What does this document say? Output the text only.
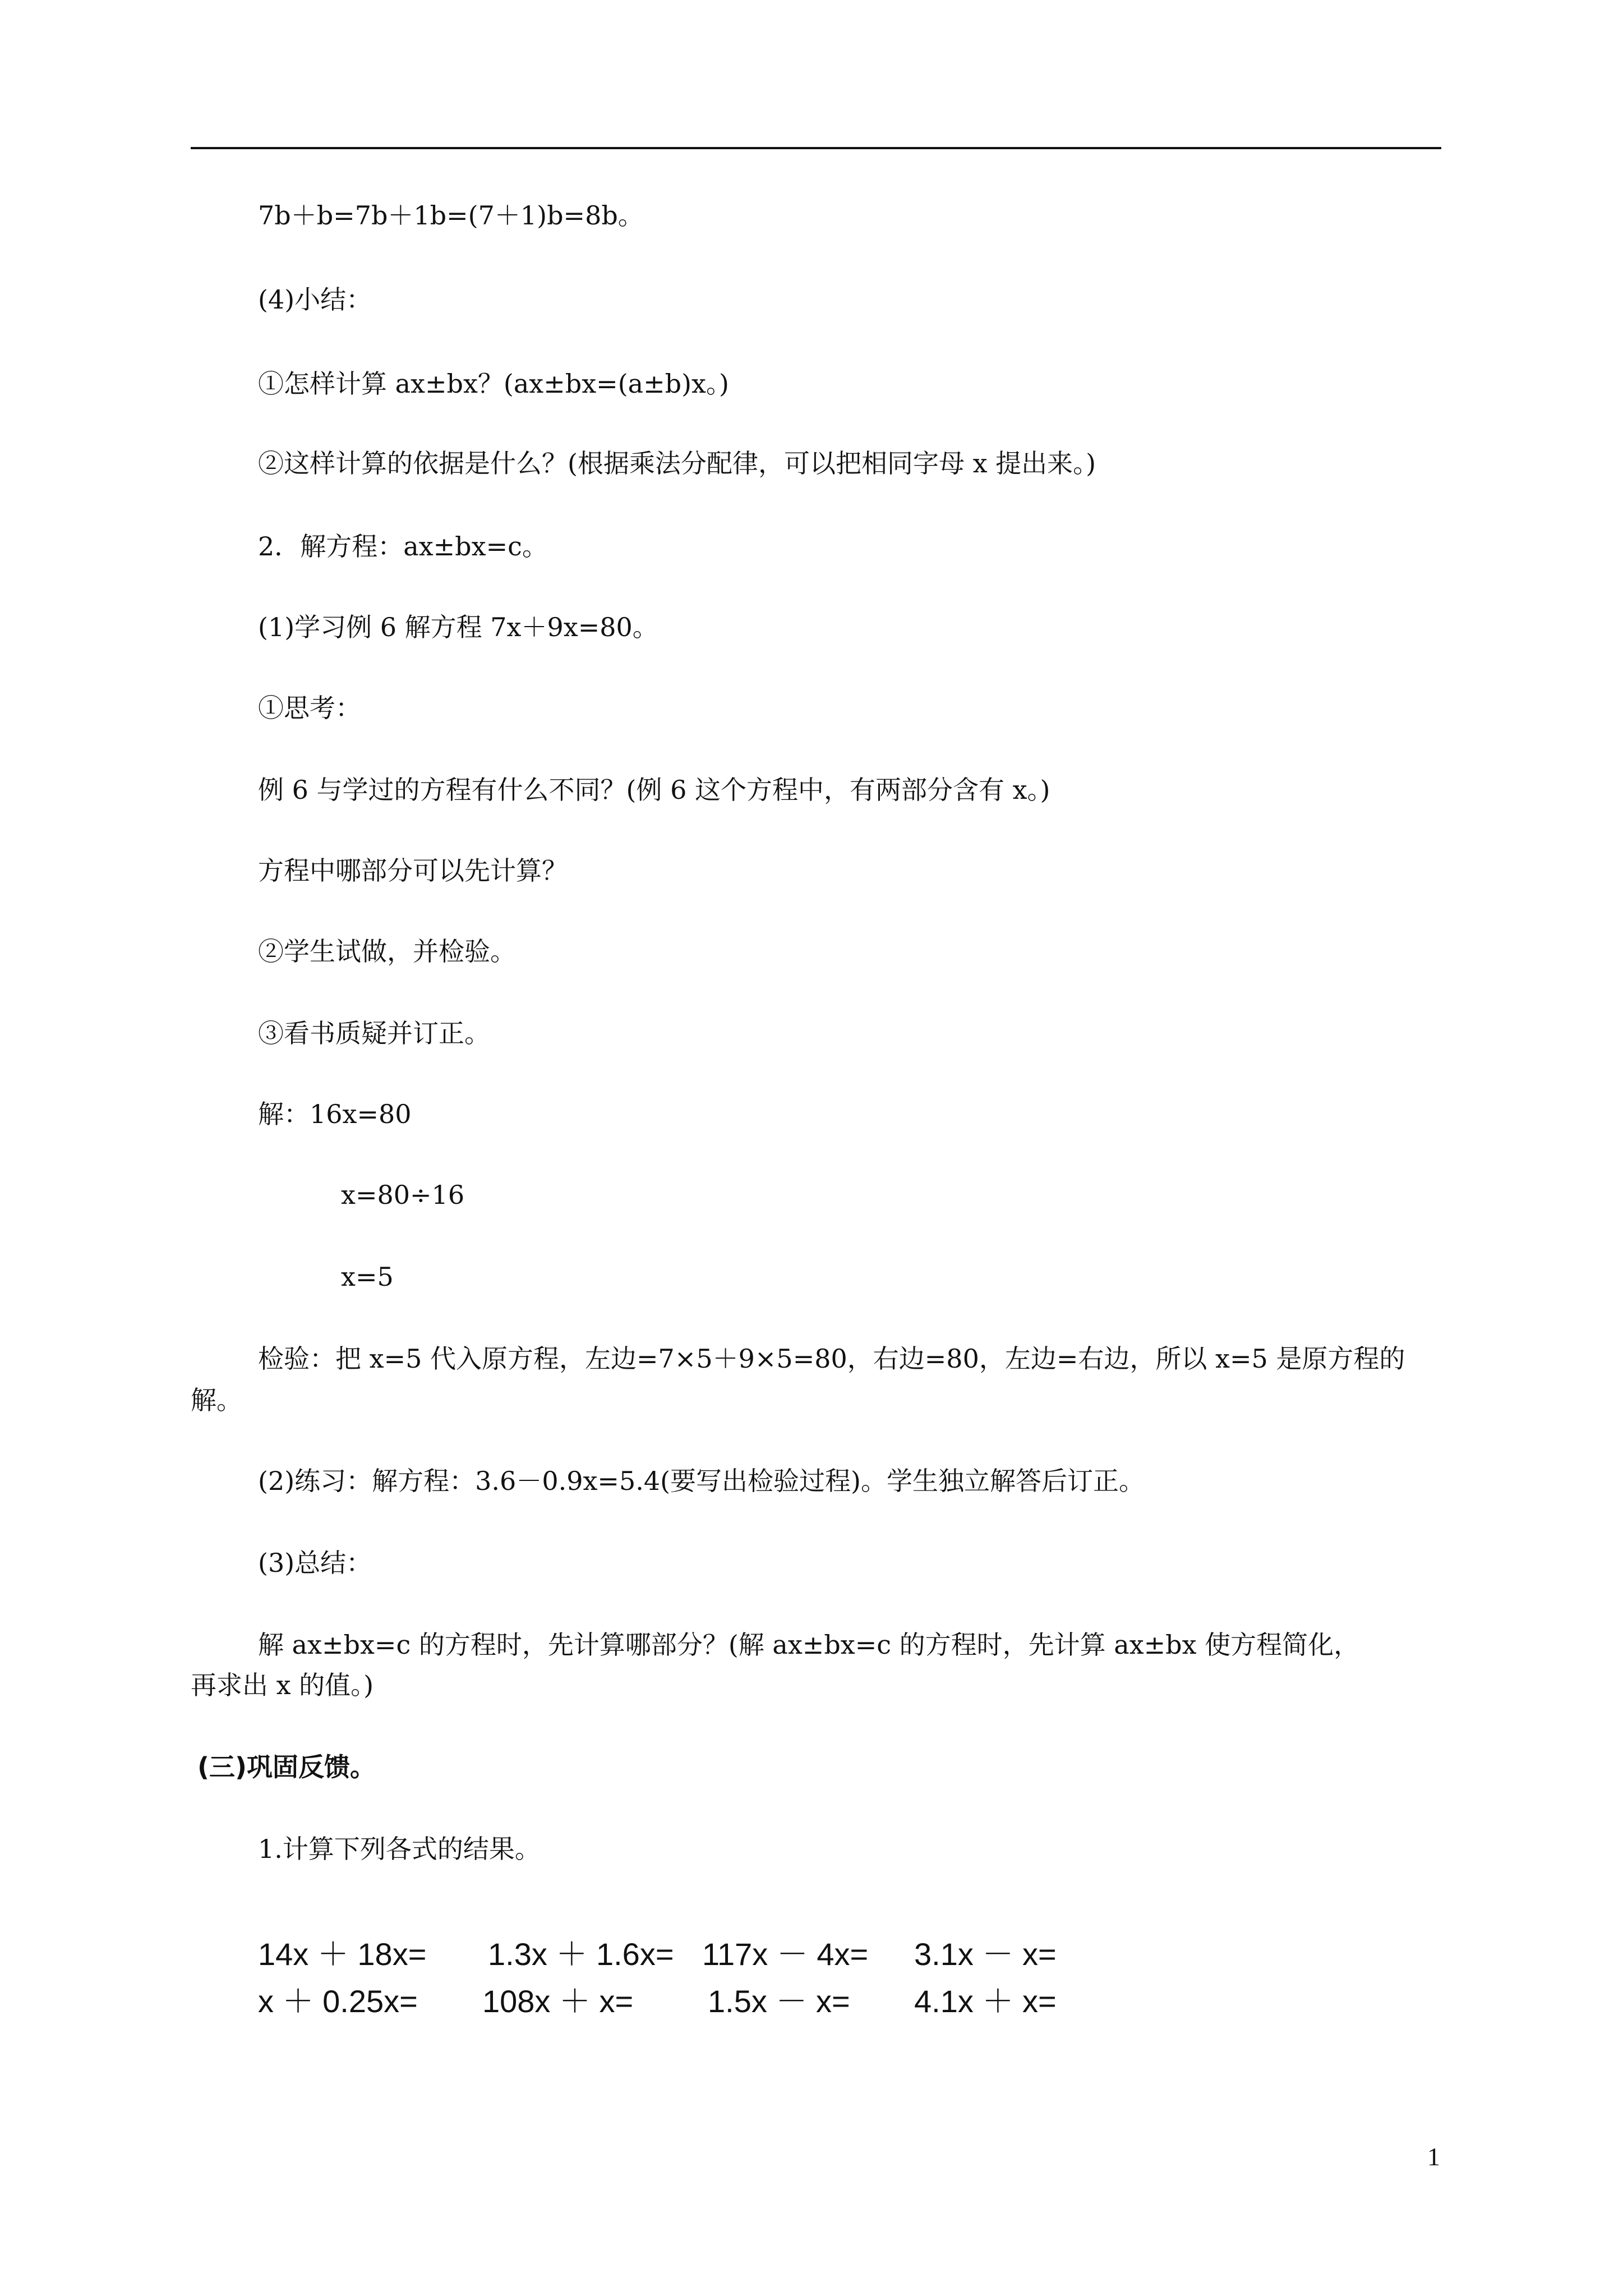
7b＋b=7b＋1b=(7＋1)b=8b。
(4)小结：
①怎样计算 ax±bx？(ax±bx=(a±b)x。)
②这样计算的依据是什么？(根据乘法分配律，可以把相同字母 x 提出来。)
2．解方程：ax±bx=c。
(1)学习例 6 解方程 7x＋9x=80。
①思考：
例 6 与学过的方程有什么不同？(例 6 这个方程中，有两部分含有 x。)
方程中哪部分可以先计算？
②学生试做，并检验。
③看书质疑并订正。
解：16x=80
x=80÷16
x=5
检验：把 x=5 代入原方程，左边=7×5＋9×5=80，右边=80，左边=右边，所以 x=5 是原方程的
解。
(2)练习：解方程：3.6－0.9x=5.4(要写出检验过程)。学生独立解答后订正。
(3)总结：
解 ax±bx=c 的方程时，先计算哪部分？(解 ax±bx=c 的方程时，先计算 ax±bx 使方程简化，
再求出 x 的值。)
(三)巩固反馈。
1.计算下列各式的结果。

14x ＋ 18x=

1.3x ＋ 1.6x=

117x － 4x=

3.1x － x=

x ＋ 0.25x=

108x ＋ x=

1.5x － x=

4.1x ＋ x=

1
